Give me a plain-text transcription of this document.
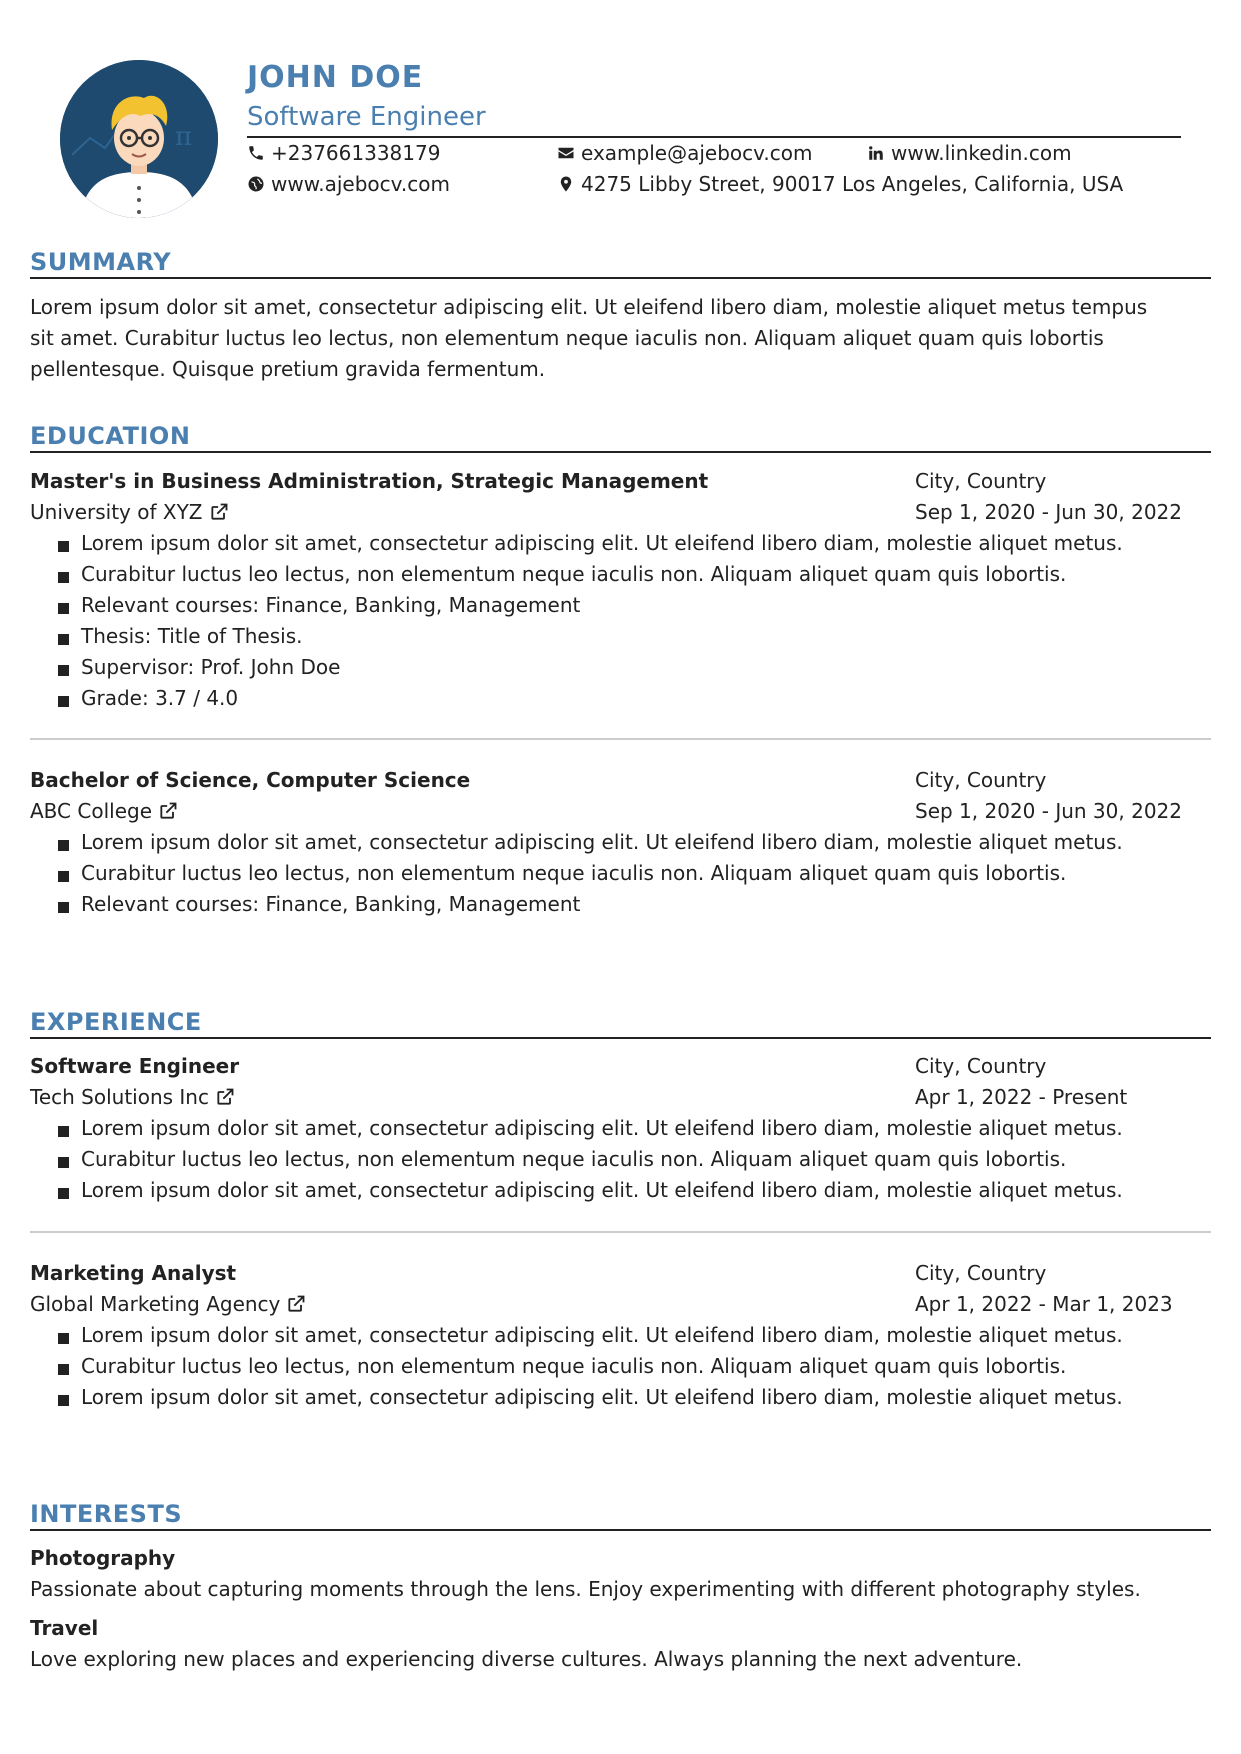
π
JOHN DOE
Software Engineer
+237661338179	example@ajebocv.com	www.linkedin.com
www.ajebocv.com	4275 Libby Street, 90017 Los Angeles, California, USA
SUMMARY
Lorem ipsum dolor sit amet, consectetur adipiscing elit. Ut eleifend libero diam, molestie aliquet metus tempus
sit amet. Curabitur luctus leo lectus, non elementum neque iaculis non. Aliquam aliquet quam quis lobortis
pellentesque. Quisque pretium gravida fermentum.
EDUCATION
Master's in Business Administration, Strategic Management	City, Country
University of XYZ	Sep 1, 2020 - Jun 30, 2022
Lorem ipsum dolor sit amet, consectetur adipiscing elit. Ut eleifend libero diam, molestie aliquet metus.
Curabitur luctus leo lectus, non elementum neque iaculis non. Aliquam aliquet quam quis lobortis.
Relevant courses: Finance, Banking, Management
Thesis: Title of Thesis.
Supervisor: Prof. John Doe
Grade: 3.7 / 4.0
Bachelor of Science, Computer Science	City, Country
ABC College	Sep 1, 2020 - Jun 30, 2022
Lorem ipsum dolor sit amet, consectetur adipiscing elit. Ut eleifend libero diam, molestie aliquet metus.
Curabitur luctus leo lectus, non elementum neque iaculis non. Aliquam aliquet quam quis lobortis.
Relevant courses: Finance, Banking, Management
EXPERIENCE
Software Engineer	City, Country
Tech Solutions Inc	Apr 1, 2022 - Present
Lorem ipsum dolor sit amet, consectetur adipiscing elit. Ut eleifend libero diam, molestie aliquet metus.
Curabitur luctus leo lectus, non elementum neque iaculis non. Aliquam aliquet quam quis lobortis.
Lorem ipsum dolor sit amet, consectetur adipiscing elit. Ut eleifend libero diam, molestie aliquet metus.
Marketing Analyst	City, Country
Global Marketing Agency	Apr 1, 2022 - Mar 1, 2023
Lorem ipsum dolor sit amet, consectetur adipiscing elit. Ut eleifend libero diam, molestie aliquet metus.
Curabitur luctus leo lectus, non elementum neque iaculis non. Aliquam aliquet quam quis lobortis.
Lorem ipsum dolor sit amet, consectetur adipiscing elit. Ut eleifend libero diam, molestie aliquet metus.
INTERESTS
Photography
Passionate about capturing moments through the lens. Enjoy experimenting with different photography styles.
Travel
Love exploring new places and experiencing diverse cultures. Always planning the next adventure.
